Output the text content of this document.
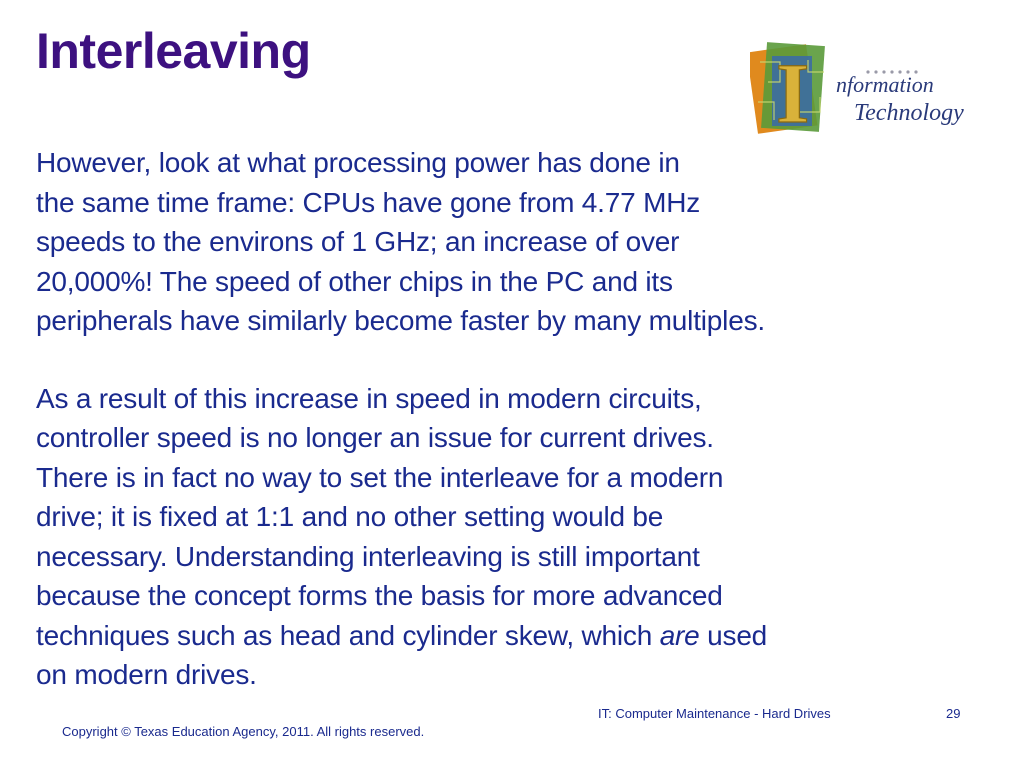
Interleaving	I nformation
Technology

However, look at what processing power has done in
the same time frame: CPUs have gone from 4.77 MHz
speeds to the environs of 1 GHz; an increase of over
20,000%! The speed of other chips in the PC and its
peripherals have similarly become faster by many multiples.

As a result of this increase in speed in modern circuits,
controller speed is no longer an issue for current drives.
There is in fact no way to set the interleave for a modern
drive; it is fixed at 1:1 and no other setting would be
necessary. Understanding interleaving is still important
because the concept forms the basis for more advanced
techniques such as head and cylinder skew, which are used
on modern drives.

IT: Computer Maintenance - Hard Drives	29
Copyright © Texas Education Agency, 2011. All rights reserved.
